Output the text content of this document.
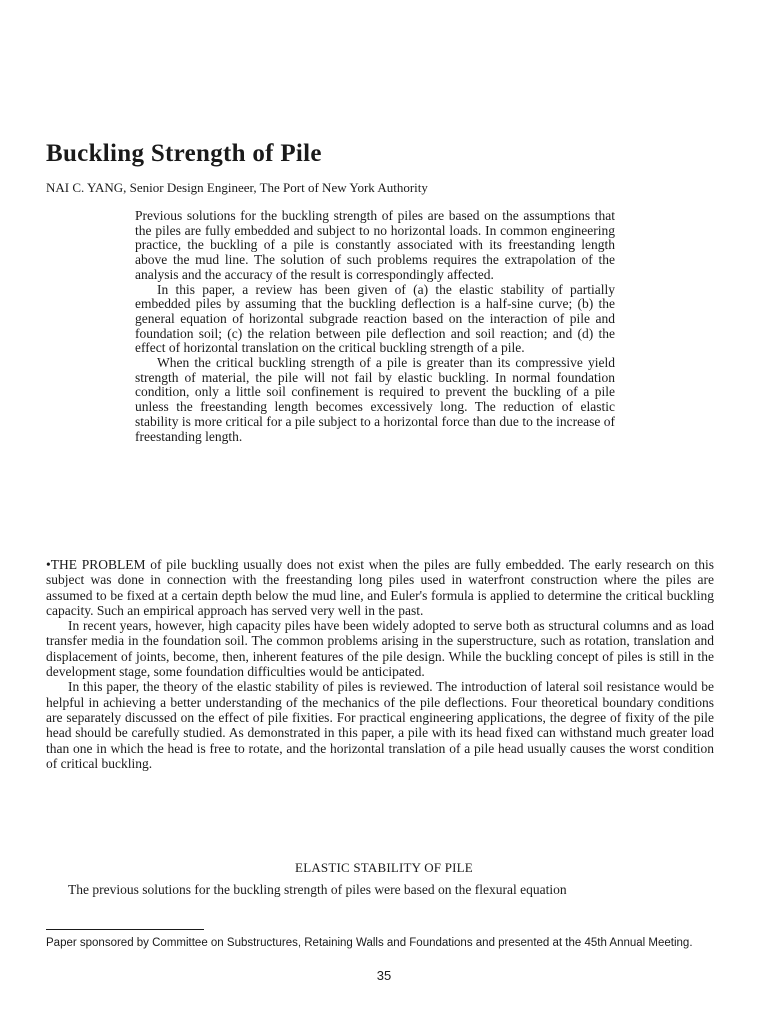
Buckling Strength of Pile
NAI C. YANG, Senior Design Engineer, The Port of New York Authority

Previous solutions for the buckling strength of piles are based on the assumptions that the piles are fully embedded and subject to no horizontal loads. In common engineering practice, the buckling of a pile is constantly associated with its freestanding length above the mud line. The solution of such problems requires the extrapolation of the analysis and the accuracy of the result is correspondingly affected.

In this paper, a review has been given of (a) the elastic stability of partially embedded piles by assuming that the buckling deflection is a half-sine curve; (b) the general equation of horizontal subgrade reaction based on the interaction of pile and foundation soil; (c) the relation between pile deflection and soil reaction; and (d) the effect of horizontal translation on the critical buckling strength of a pile.

When the critical buckling strength of a pile is greater than its compressive yield strength of material, the pile will not fail by elastic buckling. In normal foundation condition, only a little soil confinement is required to prevent the buckling of a pile unless the freestanding length becomes excessively long. The reduction of elastic stability is more critical for a pile subject to a horizontal force than due to the increase of freestanding length.

•THE PROBLEM of pile buckling usually does not exist when the piles are fully embedded. The early research on this subject was done in connection with the freestanding long piles used in waterfront construction where the piles are assumed to be fixed at a certain depth below the mud line, and Euler's formula is applied to determine the critical buckling capacity. Such an empirical approach has served very well in the past.

In recent years, however, high capacity piles have been widely adopted to serve both as structural columns and as load transfer media in the foundation soil. The common problems arising in the superstructure, such as rotation, translation and displacement of joints, become, then, inherent features of the pile design. While the buckling concept of piles is still in the development stage, some foundation difficulties would be anticipated.

In this paper, the theory of the elastic stability of piles is reviewed. The introduction of lateral soil resistance would be helpful in achieving a better understanding of the mechanics of the pile deflections. Four theoretical boundary conditions are separately discussed on the effect of pile fixities. For practical engineering applications, the degree of fixity of the pile head should be carefully studied. As demonstrated in this paper, a pile with its head fixed can withstand much greater load than one in which the head is free to rotate, and the horizontal translation of a pile head usually causes the worst condition of critical buckling.

ELASTIC STABILITY OF PILE

The previous solutions for the buckling strength of piles were based on the flexural equation

Paper sponsored by Committee on Substructures, Retaining Walls and Foundations and presented at the 45th Annual Meeting.
35
